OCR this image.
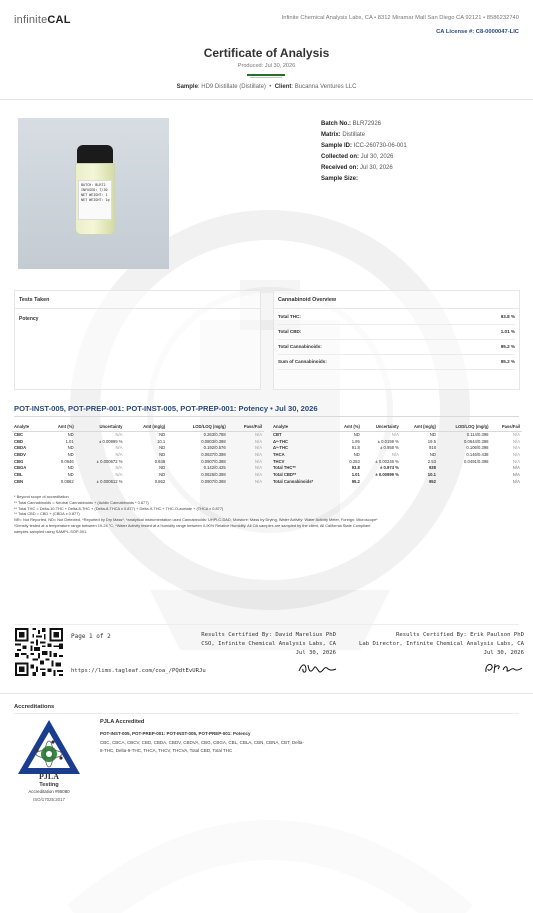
infiniteCAL	Infinite Chemical Analysis Labs, CA • 8312 Miramar Mall San Diego CA 92121 • 8586232740
CA License #: C8-0000047-LIC
Certificate of Analysis
Produced: Jul 30, 2026
Sample: HD9 Distillate (Distillate) • Client: Bucanna Ventures LLC
BATCH: BLR72
INFUSED: 7/30
NET WEIGHT: 1
NET WEIGHT: 1g
Batch No.: BLR72926
Matrix: Distillate
Sample ID: ICC-260730-06-001
Collected on: Jul 30, 2026
Received on: Jul 30, 2026
Sample Size:
Tests Taken
Potency
Cannabinoid Overview
Total THC:	93.8 %
Total CBD:	1.01 %
Total Cannabinoids:	95.2 %
Sum of Cannabinoids:	95.2 %
POT-INST-005, POT-PREP-001: POT-INST-005, POT-PREP-001: Potency • Jul 30, 2026
Analyte	Amt (%)	Uncertainty	Amt (mg/g)	LOD/LOQ (mg/g)	Pass/Fail
CBC	ND	N/A	ND	0.263/0.788	N/A
CBD	1.01	± 0.00999 %	10.1	0.0803/0.398	N/A
CBDA	ND	N/A	ND	0.192/0.576	N/A
CBDV	ND	N/A	ND	0.0637/0.398	N/A
CBG	0.0646	± 0.000672 %	0.646	0.0907/0.398	N/A
CBGA	ND	N/A	ND	0.142/0.425	N/A
CBL	ND	N/A	ND	0.0626/0.398	N/A
CBN	0.0862	± 0.000612 %	0.862	0.0907/0.398	N/A
Analyte	Amt (%)	Uncertainty	Amt (mg/g)	LOD/LOQ (mg/g)	Pass/Fail
CBT	ND	N/A	ND	0.114/0.398	N/A
Δ⁸-THC	1.95	± 0.0159 %	19.5	0.0644/0.398	N/A
Δ⁹-THC	91.8	± 0.958 %	918	0.106/0.398	N/A
THCA	ND	N/A	ND	0.146/0.438	N/A
THCV	0.253	± 0.00246 %	2.53	0.0491/0.398	N/A
Total THC**	93.8	± 0.974 %	938		N/A
Total CBD**	1.01	± 0.00999 %	10.1		N/A
Total Cannabinoids*	95.2		952		N/A
* Beyond scope of accreditation
** Total Cannabinoids = Neutral Cannabinoids + (Acidic Cannabinoids * 0.877)
** Total THC = Delta-10-THC + Delta-8-THC + (Delta-8-THCA x 0.877) + Delta-9-THC + THC-O-acetate + (THCA x 0.877)
** Total CBD = CBD + (CBDA x 0.877)
NR= Not Reported, ND= Not Detected, *Reported by Dry Mass*, *analytical instrumentation used Cannabinoids: UHPLC-DAD, Moisture: Mass by Drying, Water Activity: Water Activity Meter, Foreign: Microscope*
*Density tested at a temperature range between 19-24 °C, *Water Activity tested at a humidity range between 0-90% Relative Humidity. All OA samples are sampled by the client, All California State Compliant
samples sampled using SAMPL-SOP-001.
Page 1 of 2
https://lims.tagleaf.com/coa_/PQdtEvURJu
Results Certified By: David Marelius PhD
CSO, Infinite Chemical Analysis Labs, CA
Jul 30, 2026
Results Certified By: Erik Paulson PhD
Lab Director, Infinite Chemical Analysis Labs, CA
Jul 30, 2026
Accreditations
PJLA
Testing
Accreditation #95080
ISO/17025:2017
PJLA Accredited
POT-INST-005, POT-PREP-001: POT-INST-005, POT-PREP-001: Potency
CBC, CBCA, CBCV, CBD, CBDA, CBDV, CBDVA, CBG, CBGA, CBL, CBLA, CBN, CBNA, CBT, Delta-8-THC, Delta-9-THC, THCA, THCV, THCVA, Total CBD, Total THC
